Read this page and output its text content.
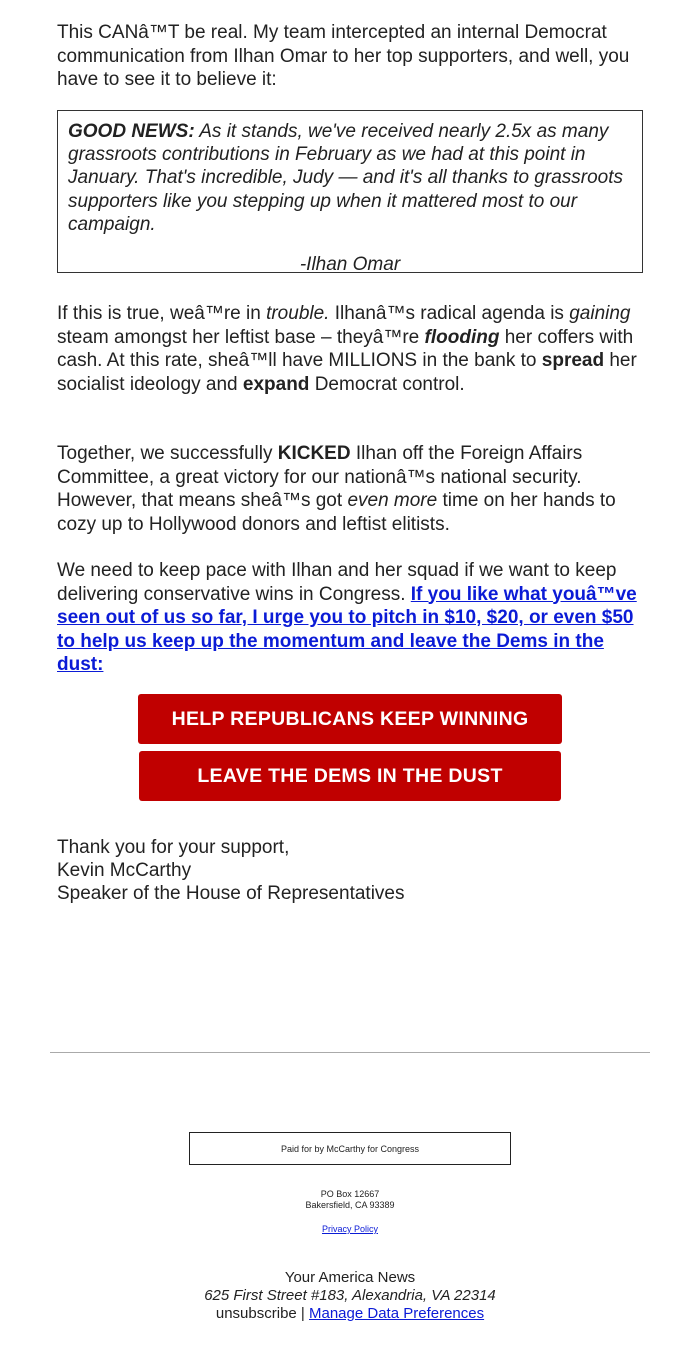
This CANâ™T be real. My team intercepted an internal Democrat communication from Ilhan Omar to her top supporters, and well, you have to see it to believe it:

GOOD NEWS: As it stands, we've received nearly 2.5x as many grassroots contributions in February as we had at this point in January. That's incredible, Judy — and it's all thanks to grassroots supporters like you stepping up when it mattered most to our campaign.

-Ilhan Omar

If this is true, weâ™re in trouble. Ilhanâ™s radical agenda is gaining steam amongst her leftist base – theyâ™re flooding her coffers with cash. At this rate, sheâ™ll have MILLIONS in the bank to spread her socialist ideology and expand Democrat control.

Together, we successfully KICKED Ilhan off the Foreign Affairs Committee, a great victory for our nationâ™s national security. However, that means sheâ™s got even more time on her hands to cozy up to Hollywood donors and leftist elitists.

We need to keep pace with Ilhan and her squad if we want to keep delivering conservative wins in Congress. If you like what youâ™ve seen out of us so far, I urge you to pitch in $10, $20, or even $50 to help us keep up the momentum and leave the Dems in the dust:

HELP REPUBLICANS KEEP WINNING
LEAVE THE DEMS IN THE DUST
Thank you for your support,
Kevin McCarthy
Speaker of the House of Representatives
Paid for by McCarthy for Congress
PO Box 12667
Bakersfield, CA 93389
Privacy Policy
Your America News
625 First Street #183, Alexandria, VA 22314
unsubscribe | Manage Data Preferences
